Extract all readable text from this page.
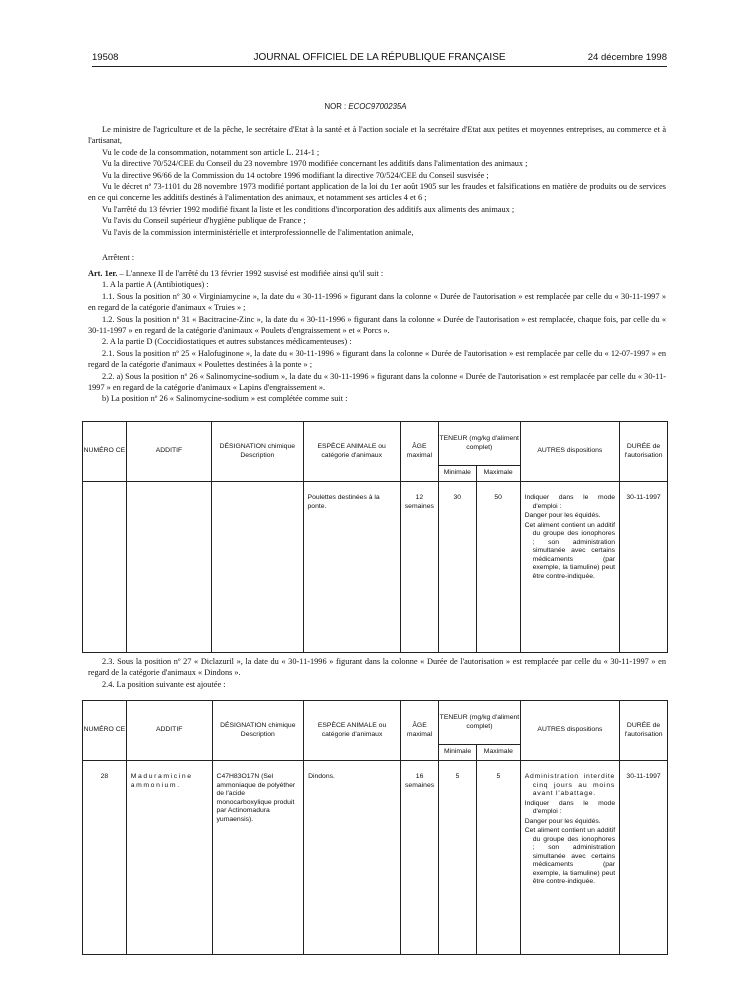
19508	JOURNAL OFFICIEL DE LA RÉPUBLIQUE FRANÇAISE	24 décembre 1998
NOR : ECOC9700235A

Le ministre de l'agriculture et de la pêche, le secrétaire d'Etat à la santé et à l'action sociale et la secrétaire d'Etat aux petites et moyennes entreprises, au commerce et à l'artisanat,

Vu le code de la consommation, notamment son article L. 214-1 ;

Vu la directive 70/524/CEE du Conseil du 23 novembre 1970 modifiée concernant les additifs dans l'alimentation des animaux ;

Vu la directive 96/66 de la Commission du 14 octobre 1996 modifiant la directive 70/524/CEE du Conseil susvisée ;

Vu le décret nº 73-1101 du 28 novembre 1973 modifié portant application de la loi du 1er août 1905 sur les fraudes et falsifications en matière de produits ou de services en ce qui concerne les additifs destinés à l'alimentation des animaux, et notamment ses articles 4 et 6 ;

Vu l'arrêté du 13 février 1992 modifié fixant la liste et les conditions d'incorporation des additifs aux aliments des animaux ;

Vu l'avis du Conseil supérieur d'hygiène publique de France ;

Vu l'avis de la commission interministérielle et interprofessionnelle de l'alimentation animale,

Arrêtent :

Art. 1er. – L'annexe II de l'arrêté du 13 février 1992 susvisé est modifiée ainsi qu'il suit :

1. A la partie A (Antibiotiques) :

1.1. Sous la position nº 30 « Virginiamycine », la date du « 30-11-1996 » figurant dans la colonne « Durée de l'autorisation » est remplacée par celle du « 30-11-1997 » en regard de la catégorie d'animaux « Truies » ;

1.2. Sous la position nº 31 « Bacitracine-Zinc », la date du « 30-11-1996 » figurant dans la colonne « Durée de l'autorisation » est remplacée, chaque fois, par celle du « 30-11-1997 » en regard de la catégorie d'animaux « Poulets d'engraissement » et « Porcs ».

2. A la partie D (Coccidiostatiques et autres substances médicamenteuses) :

2.1. Sous la position nº 25 « Halofuginone », la date du « 30-11-1996 » figurant dans la colonne « Durée de l'autorisation » est remplacée par celle du « 12-07-1997 » en regard de la catégorie d'animaux « Poulettes destinées à la ponte » ;

2.2. a) Sous la position nº 26 « Salinomycine-sodium », la date du « 30-11-1996 » figurant dans la colonne « Durée de l'autorisation » est remplacée par celle du « 30-11-1997 » en regard de la catégorie d'animaux « Lapins d'engraissement ».

b) La position nº 26 « Salinomycine-sodium » est complétée comme suit :

NUMÉRO CE	ADDITIF	DÉSIGNATION chimique Description	ESPÈCE ANIMALE ou catégorie d'animaux	ÂGE maximal	TENEUR (mg/kg d'aliment complet)		AUTRES dispositions	DURÉE de l'autorisation
					Minimale	Maximale		

			Poulettes destinées à la ponte.	12 semaines	30	50	Indiquer dans le mode d'emploi :

Danger pour les équidés.

Cet aliment contient un additif du groupe des ionophores ; son administration simultanée avec certains médicaments (par exemple, la tiamuline) peut être contre-indiquée.	30-11-1997

2.3. Sous la position nº 27 « Diclazuril », la date du « 30-11-1996 » figurant dans la colonne « Durée de l'autorisation » est remplacée par celle du « 30-11-1997 » en regard de la catégorie d'animaux « Dindons ».

2.4. La position suivante est ajoutée :

NUMÉRO CE	ADDITIF	DÉSIGNATION chimique Description	ESPÈCE ANIMALE ou catégorie d'animaux	ÂGE maximal	TENEUR (mg/kg d'aliment complet)		AUTRES dispositions	DURÉE de l'autorisation
					Minimale	Maximale		

28	Maduramicine ammonium.	C47H83O17N (Sel ammoniaque de polyéther de l'acide monocarboxylique produit par Actinomadura yumaensis).	Dindons.	16 semaines	5	5	Administration interdite cinq jours au moins avant l'abattage.

Indiquer dans le mode d'emploi :

Danger pour les équidés.

Cet aliment contient un additif du groupe des ionophores ; son administration simultanée avec certains médicaments (par exemple, la tiamuline) peut être contre-indiquée.	30-11-1997
